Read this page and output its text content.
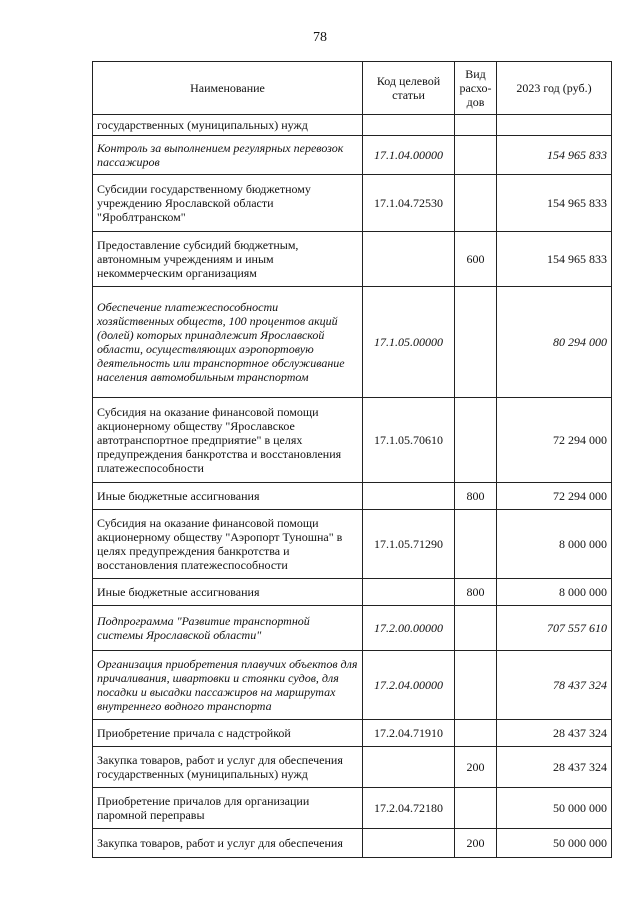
78
Наименование	Код целевой статьи	Вид расхо-дов	2023 год (руб.)
государственных (муниципальных) нужд			
Контроль за выполнением регулярных перевозок пассажиров	17.1.04.00000		154 965 833
Субсидии государственному бюджетному учреждению Ярославской области "Яроблтранском"	17.1.04.72530		154 965 833
Предоставление субсидий бюджетным, автономным учреждениям и иным некоммерческим организациям		600	154 965 833
Обеспечение платежеспособности хозяйственных обществ, 100 процентов акций (долей) которых принадлежит Ярославской области, осуществляющих аэропортовую деятельность или транспортное обслуживание населения автомобильным транспортом	17.1.05.00000		80 294 000
Субсидия на оказание финансовой помощи акционерному обществу "Ярославское автотранспортное предприятие" в целях предупреждения банкротства и восстановления платежеспособности	17.1.05.70610		72 294 000
Иные бюджетные ассигнования		800	72 294 000
Субсидия на оказание финансовой помощи акционерному обществу "Аэропорт Туношна" в целях предупреждения банкротства и восстановления платежеспособности	17.1.05.71290		8 000 000
Иные бюджетные ассигнования		800	8 000 000
Подпрограмма "Развитие транспортной системы Ярославской области"	17.2.00.00000		707 557 610
Организация приобретения плавучих объектов для причаливания, швартовки и стоянки судов, для посадки и высадки пассажиров на маршрутах внутреннего водного транспорта	17.2.04.00000		78 437 324
Приобретение причала с надстройкой	17.2.04.71910		28 437 324
Закупка товаров, работ и услуг для обеспечения государственных (муниципальных) нужд		200	28 437 324
Приобретение причалов для организации паромной переправы	17.2.04.72180		50 000 000
Закупка товаров, работ и услуг для обеспечения		200	50 000 000
